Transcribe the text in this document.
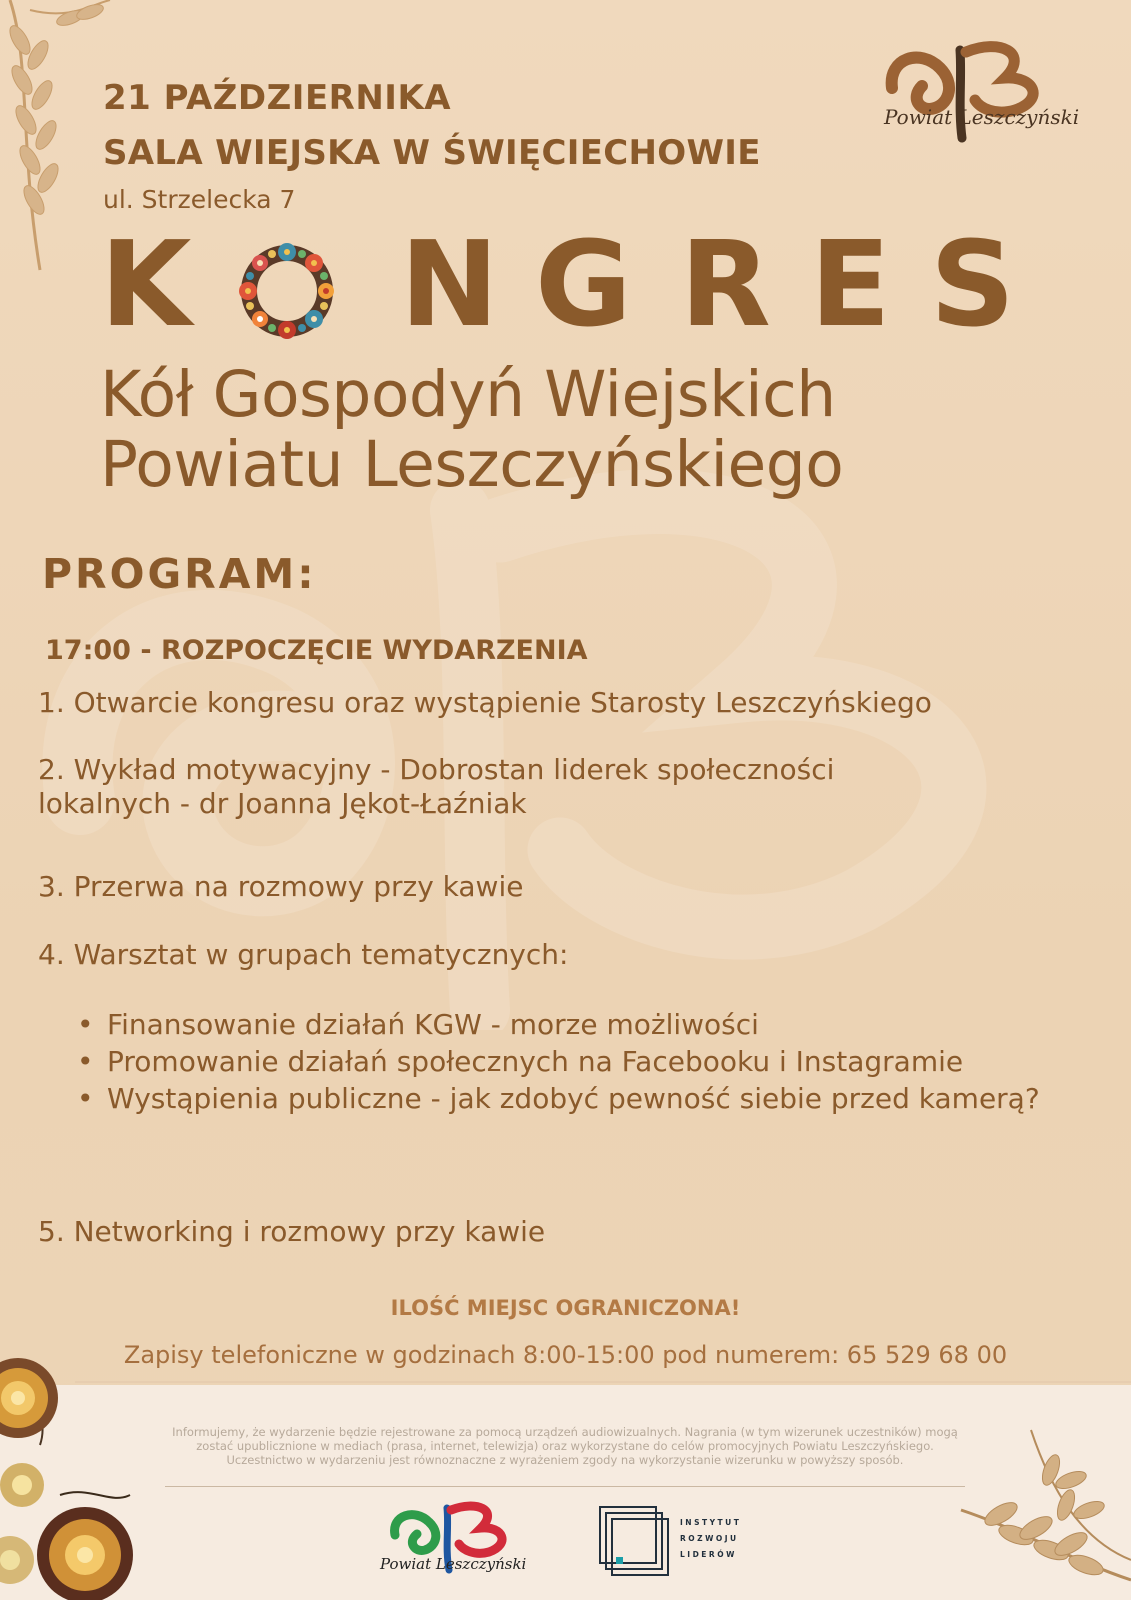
21 PAŹDZIERNIKA
SALA WIEJSKA W ŚWIĘCIECHOWIE
ul. Strzelecka 7
Powiat Leszczyński
K N G R E S
Kół Gospodyń Wiejskich
Powiatu Leszczyńskiego
PROGRAM:
17:00 - ROZPOCZĘCIE WYDARZENIA
1. Otwarcie kongresu oraz wystąpienie Starosty Leszczyńskiego
2. Wykład motywacyjny - Dobrostan liderek społeczności
lokalnych - dr Joanna Jękot-Łaźniak
3. Przerwa na rozmowy przy kawie
4. Warsztat w grupach tematycznych:
• Finansowanie działań KGW - morze możliwości
• Promowanie działań społecznych na Facebooku i Instagramie
• Wystąpienia publiczne - jak zdobyć pewność siebie przed kamerą?
5. Networking i rozmowy przy kawie
ILOŚĆ MIEJSC OGRANICZONA!
Zapisy telefoniczne w godzinach 8:00-15:00 pod numerem: 65 529 68 00
Informujemy, że wydarzenie będzie rejestrowane za pomocą urządzeń audiowizualnych. Nagrania (w tym wizerunek uczestników) mogą
zostać upublicznione w mediach (prasa, internet, telewizja) oraz wykorzystane do celów promocyjnych Powiatu Leszczyńskiego.
Uczestnictwo w wydarzeniu jest równoznaczne z wyrażeniem zgody na wykorzystanie wizerunku w powyższy sposób.
Powiat Leszczyński
INSTYTUT
ROZWOJU
LIDERÓW
